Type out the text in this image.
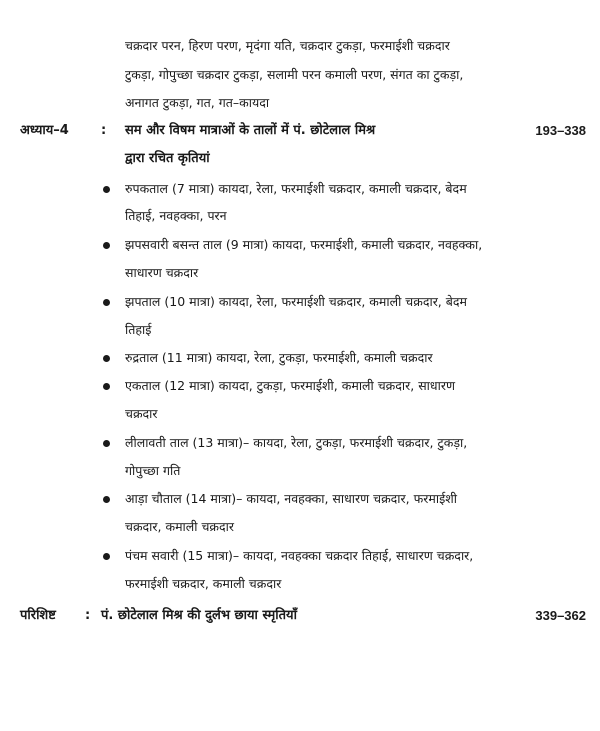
चक्रदार परन, हिरण परण, मृदंगा यति, चक्रदार टुकड़ा, फरमाईशी चक्रदार
टुकड़ा, गोपुच्छा चक्रदार टुकड़ा, सलामी परन कमाली परण, संगत का टुकड़ा,
अनागत टुकड़ा, गत, गत–कायदा
अध्याय–4 : सम और विषम मात्राओं के तालों में पं. छोटेलाल मिश्र	193–338
द्वारा रचित कृतियां
रुपकताल (7 मात्रा) कायदा, रेला, फरमाईशी चक्रदार, कमाली चक्रदार, बेदम
तिहाई, नवहक्का, परन
झपसवारी बसन्त ताल (9 मात्रा) कायदा, फरमाईशी, कमाली चक्रदार, नवहक्का,
साधारण चक्रदार
झपताल (10 मात्रा) कायदा, रेला, फरमाईशी चक्रदार, कमाली चक्रदार, बेदम
तिहाई
रुद्रताल (11 मात्रा) कायदा, रेला, टुकड़ा, फरमाईशी, कमाली चक्रदार
एकताल (12 मात्रा) कायदा, टुकड़ा, फरमाईशी, कमाली चक्रदार, साधारण
चक्रदार
लीलावती ताल (13 मात्रा)– कायदा, रेला, टुकड़ा, फरमाईशी चक्रदार, टुकड़ा,
गोपुच्छा गति
आड़ा चौताल (14 मात्रा)– कायदा, नवहक्का, साधारण चक्रदार, फरमाईशी
चक्रदार, कमाली चक्रदार
पंचम सवारी (15 मात्रा)– कायदा, नवहक्का चक्रदार तिहाई, साधारण चक्रदार,
फरमाईशी चक्रदार, कमाली चक्रदार
परिशिष्ट : पं. छोटेलाल मिश्र की दुर्लभ छाया स्मृतियाँ	339–362
